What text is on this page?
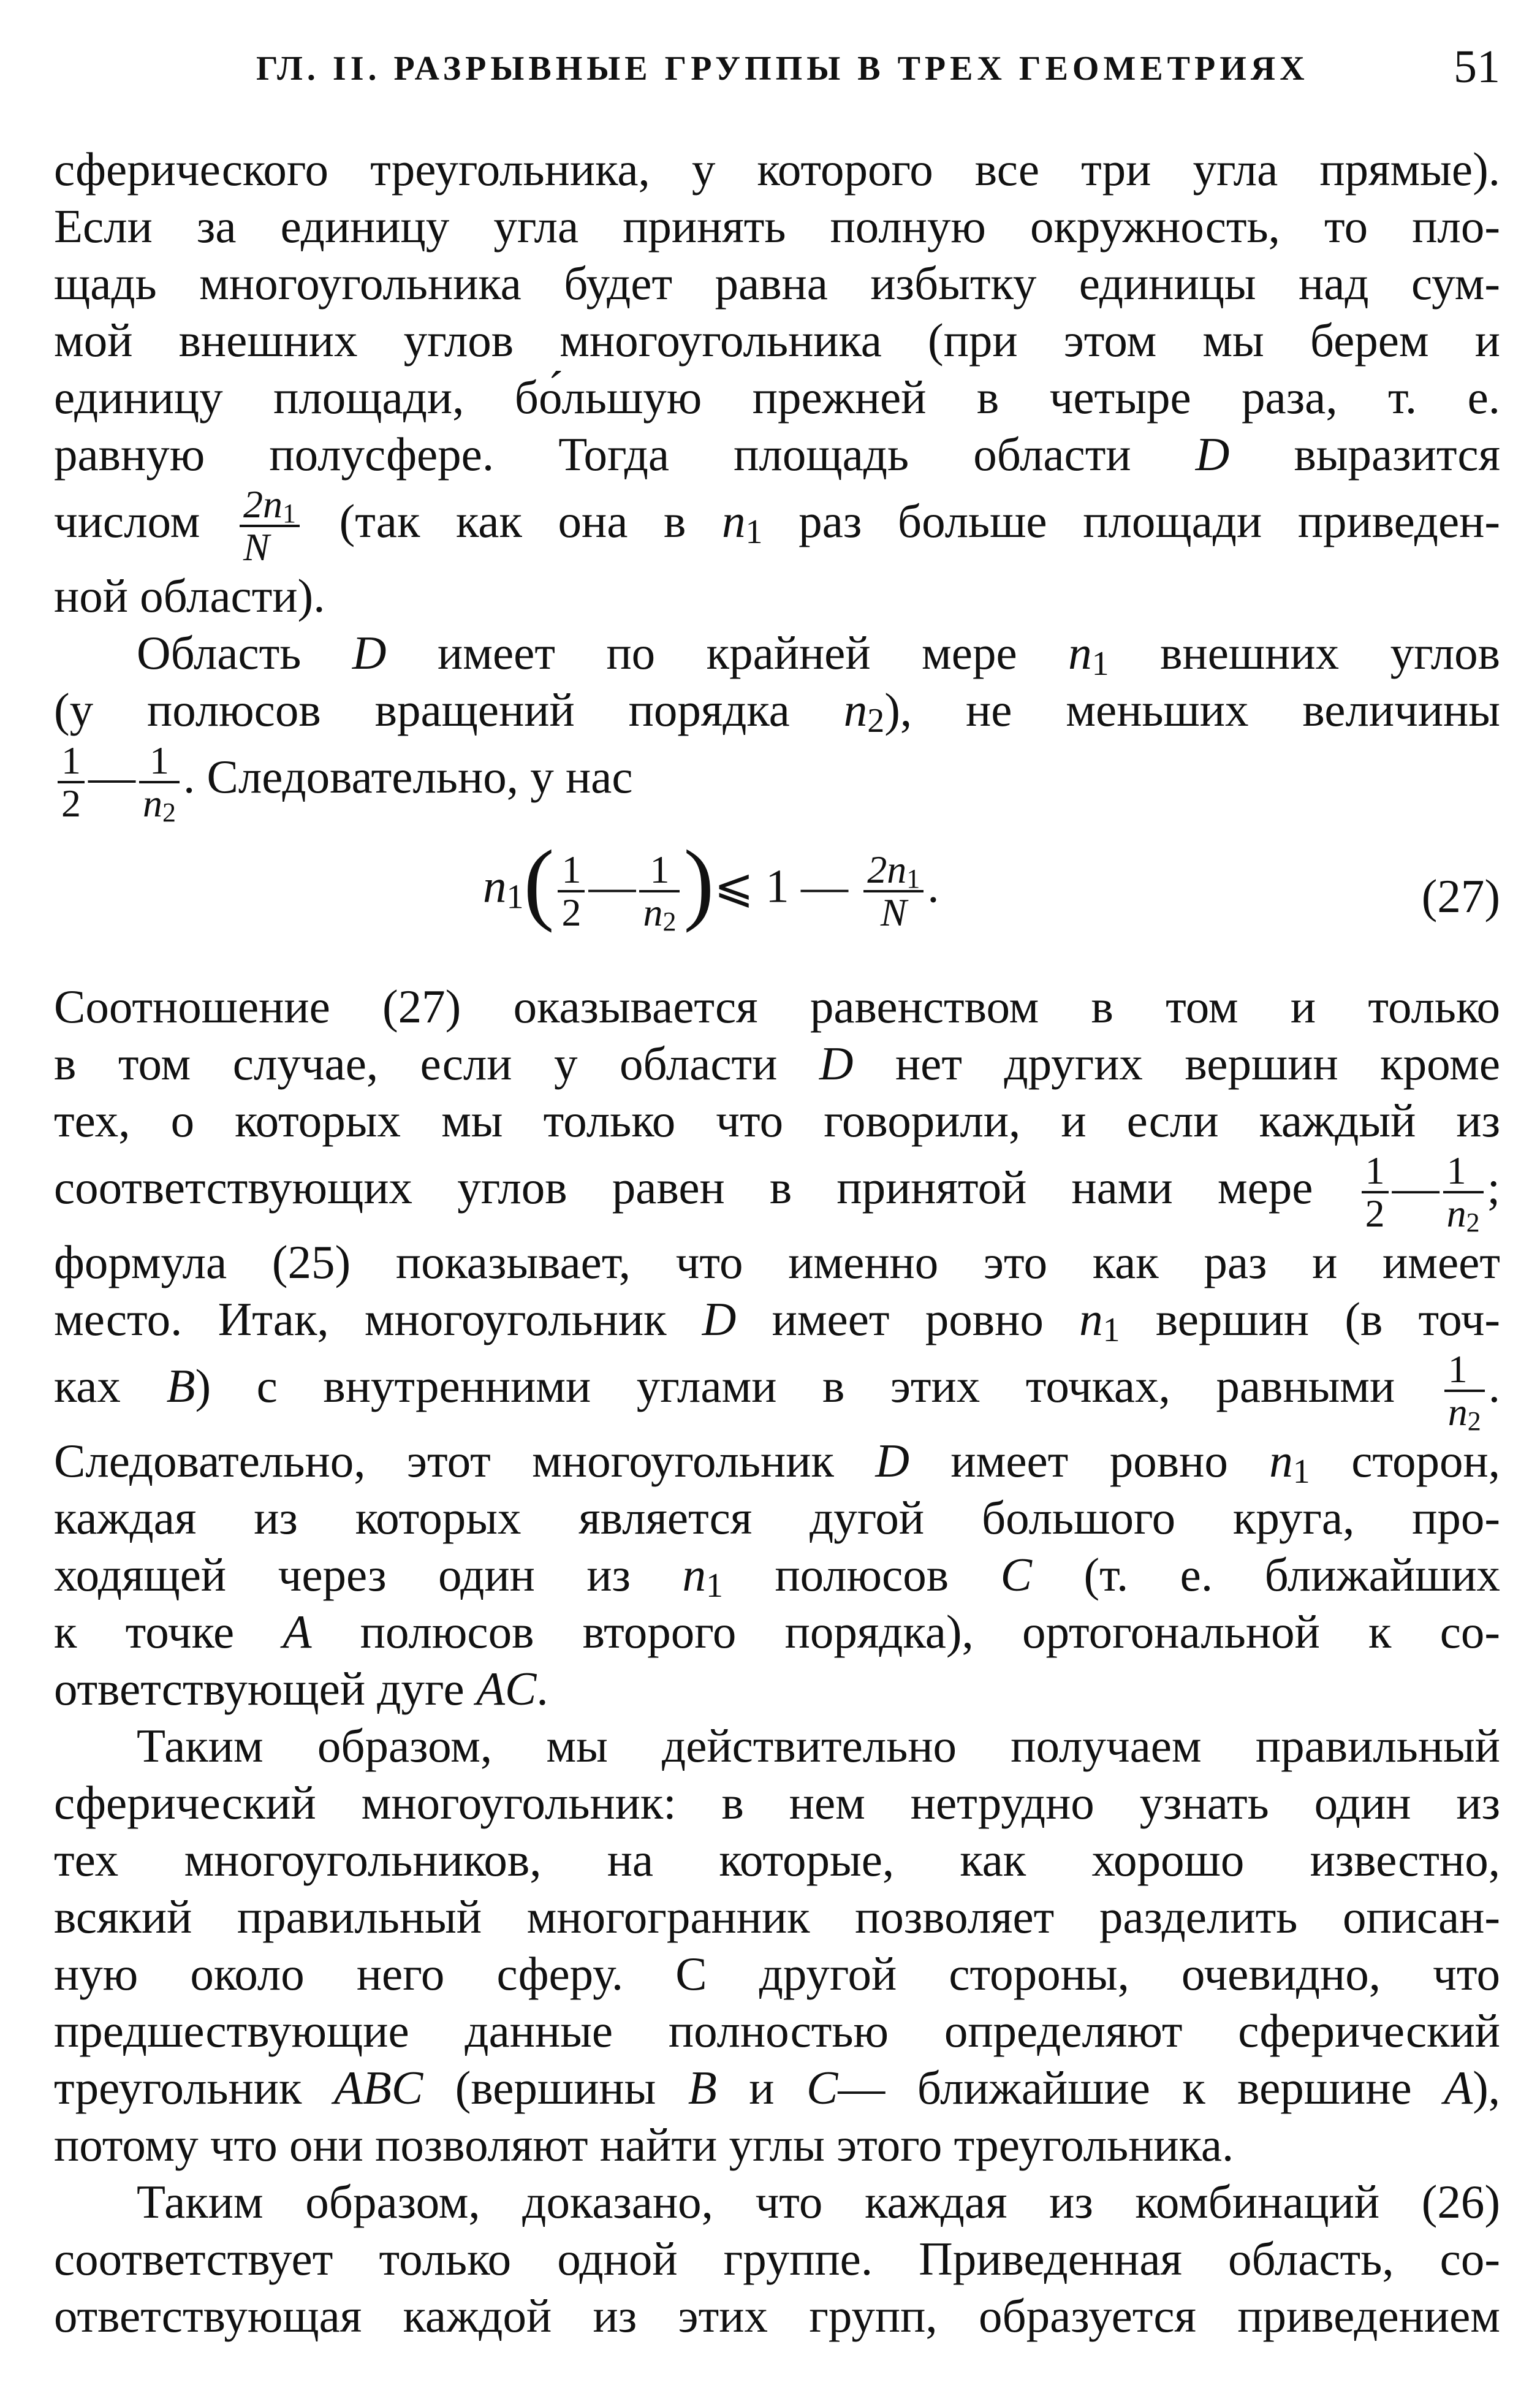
ГЛ. II. РАЗРЫВНЫЕ ГРУППЫ В ТРЕХ ГЕОМЕТРИЯХ	51
сферического треугольника, у которого все три угла прямые).
Если за единицу угла принять полную окружность, то пло-
щадь многоугольника будет равна избытку единицы над сум-
мой внешних углов многоугольника (при этом мы берем и
единицу площади, бо́льшую прежней в четыре раза, т. е.
равную полусфере. Тогда площадь области D выразится
числом $\frac{2n_1}{N} (так$ как она в $n_1$ раз больше площади приведен-
ной области).
Область D имеет по крайней мере $n_1$ внешних углов
(у полюсов вращений порядка $n_2$), не меньших величины
$\frac{1}{2}$ — $\frac{1}{n_2}$ . Следовательно, у нас
$n_1( \frac{1}{2}$ — $\frac{1}{n_2}$ )⩽ 1 — $\frac{2n_1}{N}$ .	(27)
Соотношение (27) оказывается равенством в том и только
в том случае, если у области D нет других вершин кроме
тех, о которых мы только что говорили, и если каждый из
соответствующих углов равен в принятой нами мере $\frac{1}{2}$ — $\frac{1}{n_2}$ ;
формула (25) показывает, что именно это как раз и имеет
место. Итак, многоугольник D имеет ровно $n_1$ вершин (в точ-
ках B) с внутренними углами в этих точках, равными $\frac{1}{n_2}$ .
Следовательно, этот многоугольник D имеет ровно $n_1$ сторон,
каждая из которых является дугой большого круга, про-
ходящей через один из $n_1$ полюсов C (т. е. ближайших
к точке A полюсов второго порядка), ортогональной к со-
ответствующей дуге AC.
Таким образом, мы действительно получаем правильный
сферический многоугольник: в нем нетрудно узнать один из
тех многоугольников, на которые, как хорошо известно,
всякий правильный многогранник позволяет разделить описан-
ную около него сферу. С другой стороны, очевидно, что
предшествующие данные полностью определяют сферический
треугольник ABC (вершины B и C— ближайшие к вершине A),
потому что они позволяют найти углы этого треугольника.
Таким образом, доказано, что каждая из комбинаций (26)
соответствует только одной группе. Приведенная область, со-
ответствующая каждой из этих групп, образуется приведением
